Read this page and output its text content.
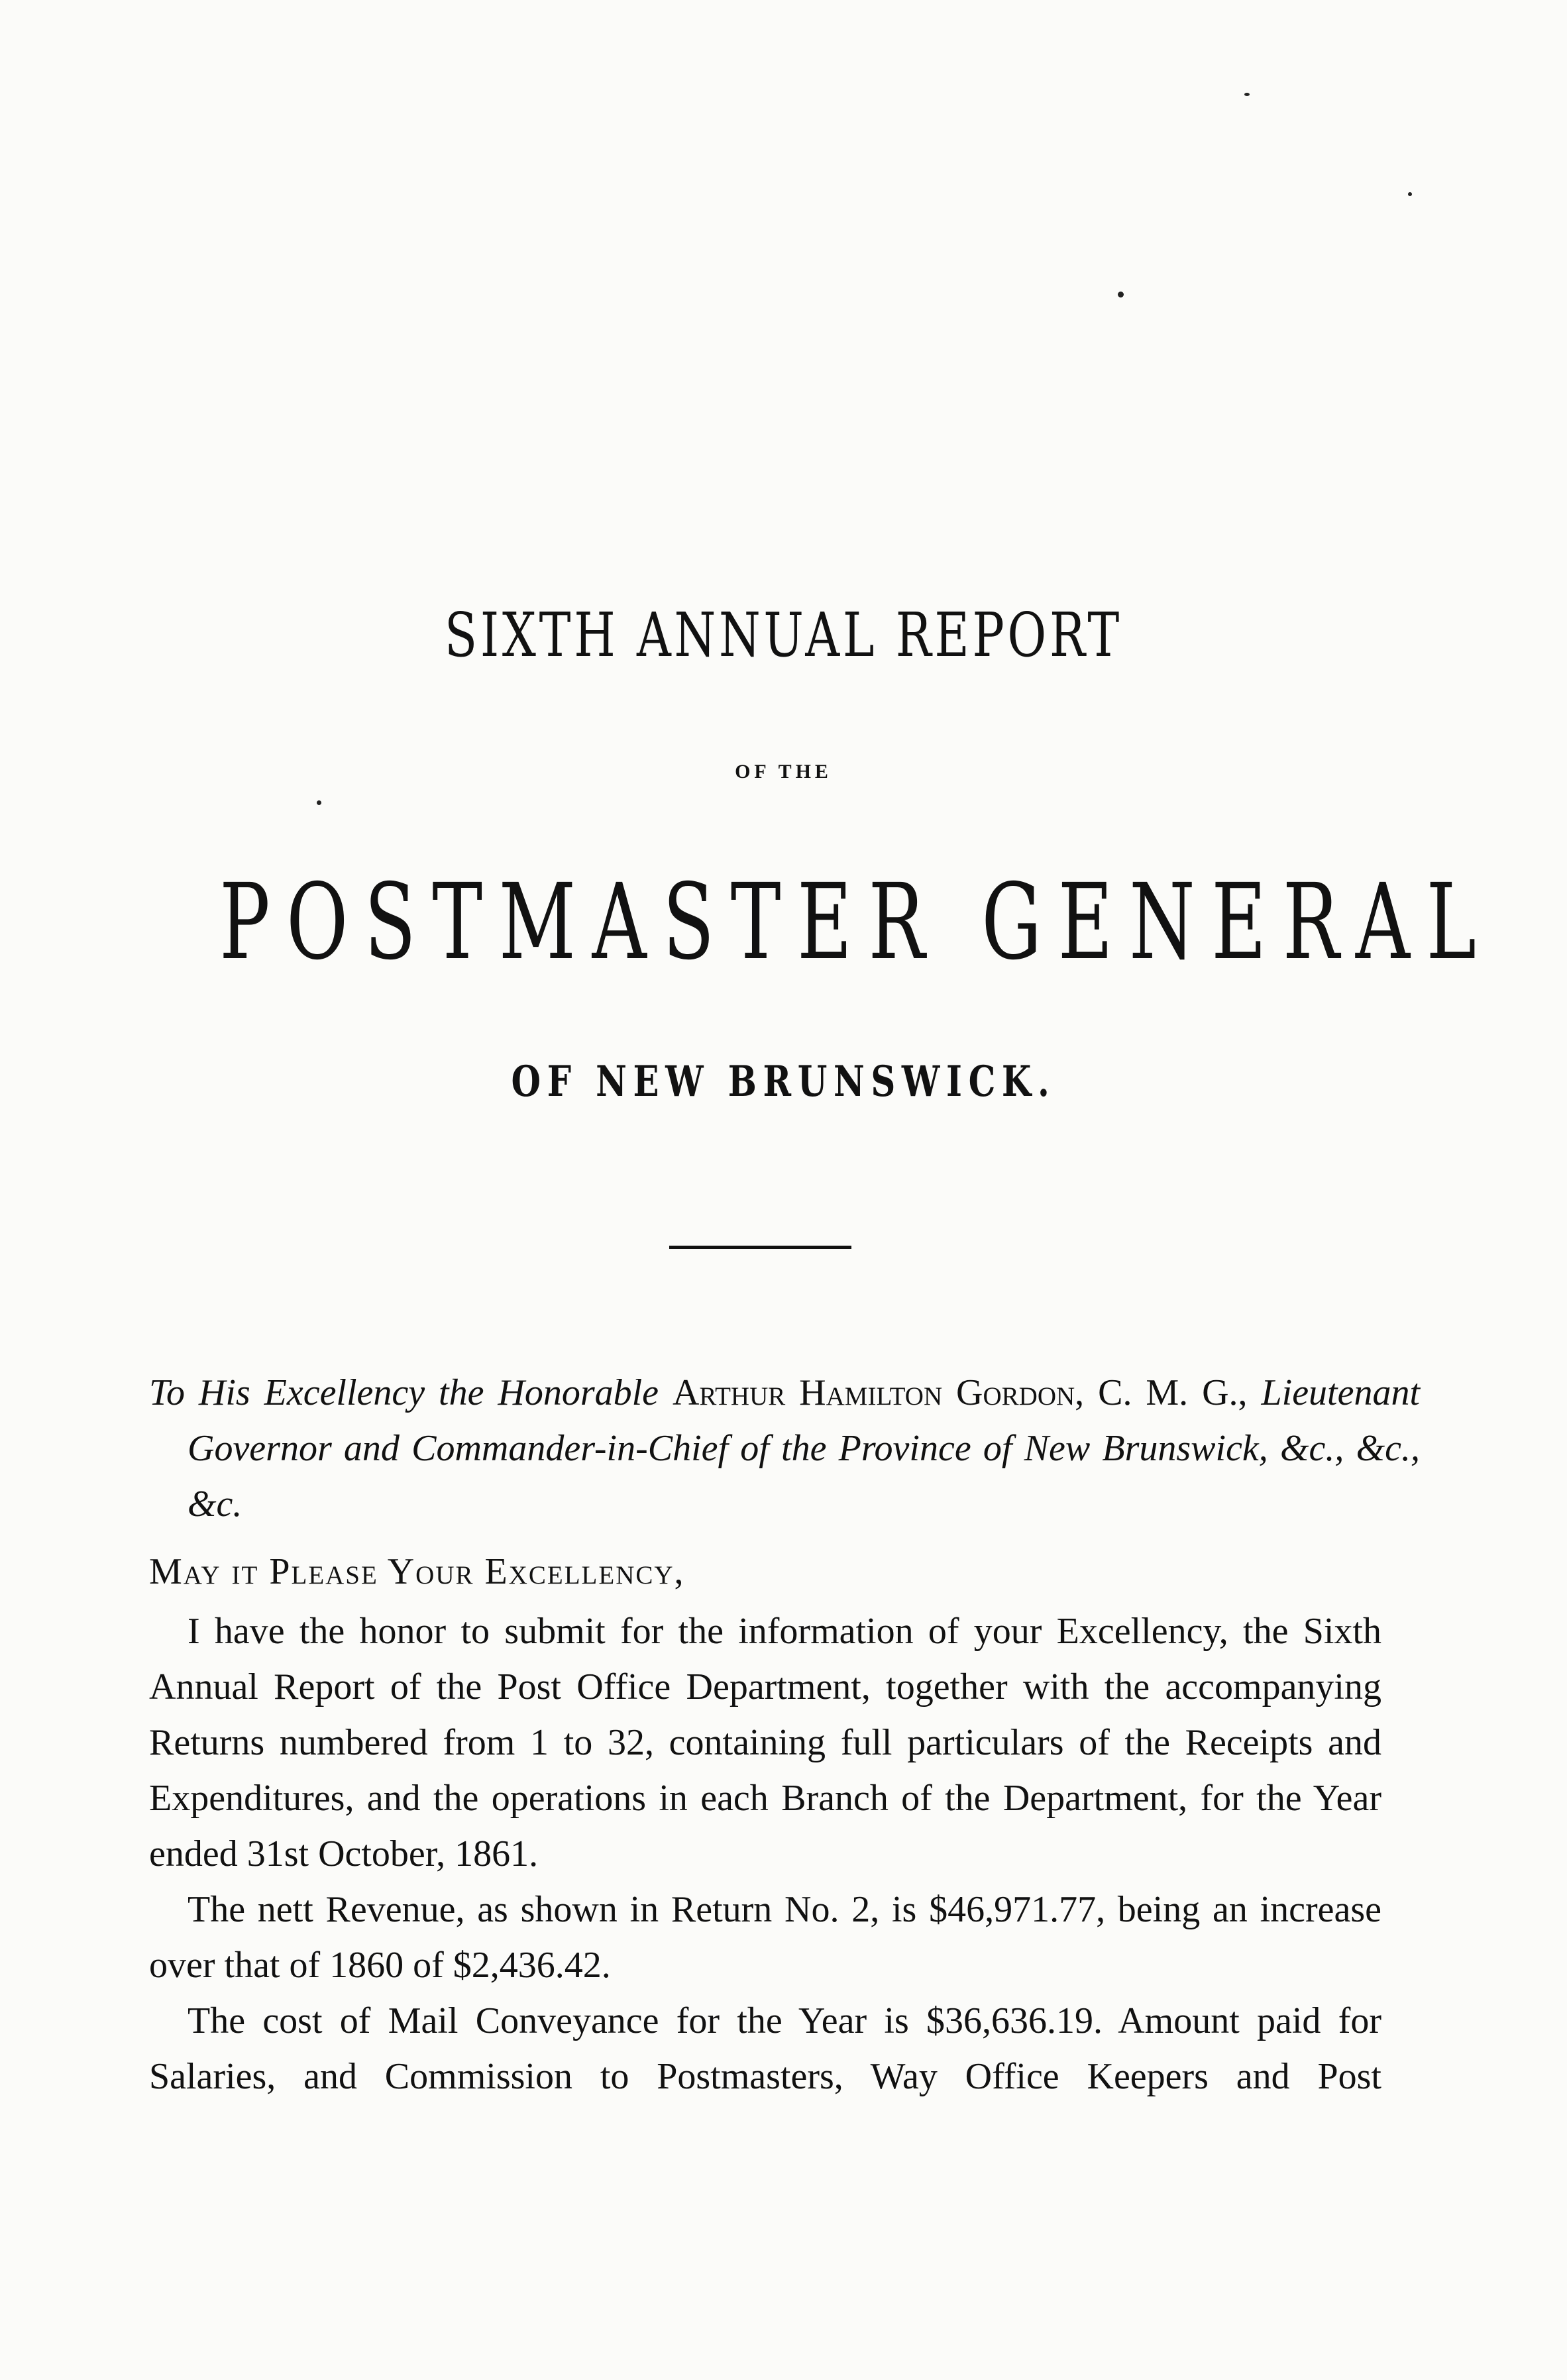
SIXTH ANNUAL REPORT
OF THE
POSTMASTER GENERAL
OF NEW BRUNSWICK.
To His Excellency the Honorable Arthur Hamilton Gordon, C. M. G., Lieutenant Governor and Commander-in-Chief of the Province of New Brunswick, &c., &c., &c.
May it Please Your Excellency,

I have the honor to submit for the information of your Excellency, the Sixth Annual Report of the Post Office Department, together with the accompanying Returns numbered from 1 to 32, containing full particulars of the Receipts and Expenditures, and the operations in each Branch of the Department, for the Year ended 31st October, 1861.

The nett Revenue, as shown in Return No. 2, is $46,971.77, being an increase over that of 1860 of $2,436.42.

The cost of Mail Conveyance for the Year is $36,636.19. Amount paid for Salaries, and Commission to Postmasters, Way Office Keepers and Post
